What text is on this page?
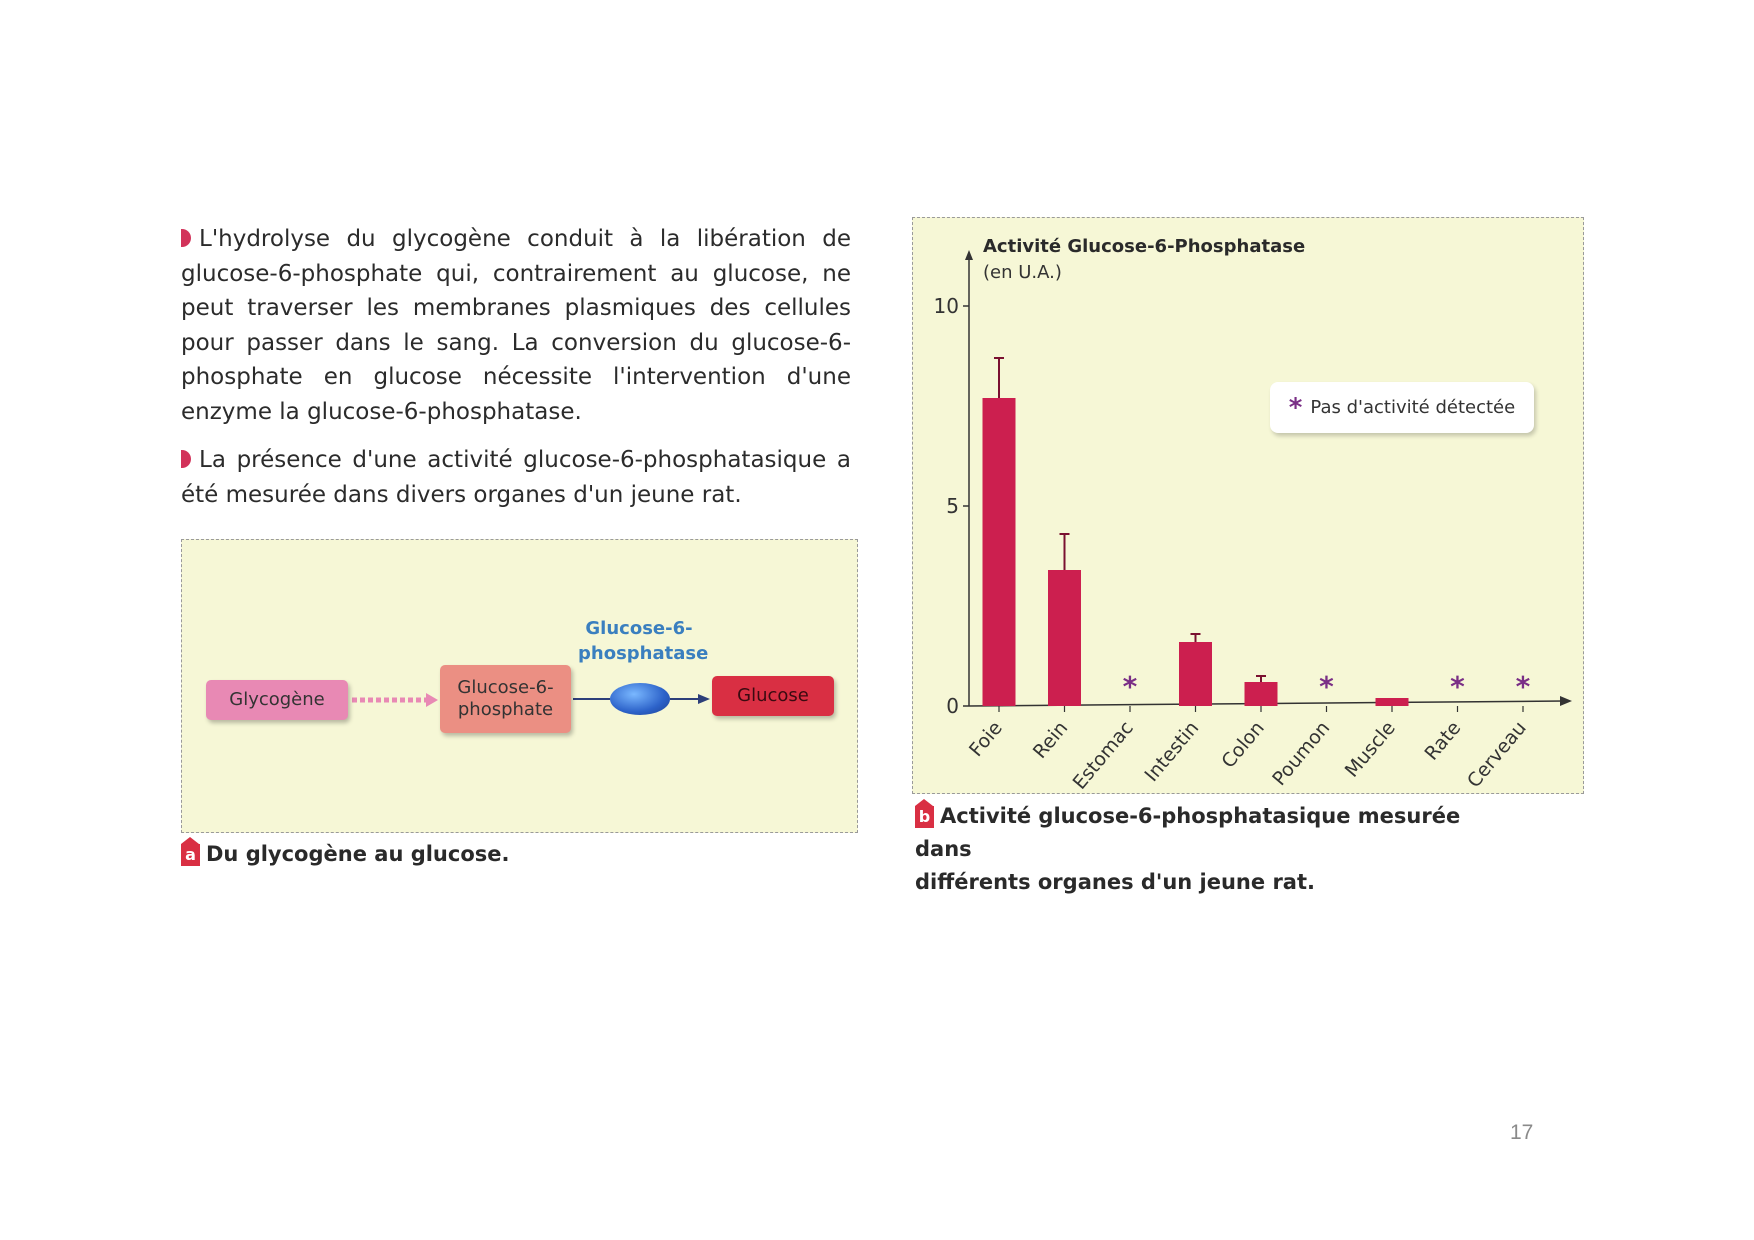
L'hydrolyse du glycogène conduit à la libération de glucose-6-phosphate qui, contrairement au glucose, ne peut traverser les membranes plasmiques des cellules pour passer dans le sang. La conversion du glucose-6-phosphate en glucose nécessite l'intervention d'une enzyme la glucose-6-phosphatase.

La présence d'une activité glucose-6-phosphatasique a été mesurée dans divers organes d'un jeune rat.

Glycogène
Glucose-6-
phosphate
Glucose-6-
phosphatase
Glucose
a Du glycogène au glucose.
Activité Glucose-6-Phosphatase
(en U.A.)
0
5
10
Foie Rein
*
Estomac Intestin Colon
*
Poumon Muscle
*
Rate
*
Cerveau
* Pas d'activité détectée
b Activité glucose-6-phosphatasique mesurée dans
différents organes d'un jeune rat.
17
